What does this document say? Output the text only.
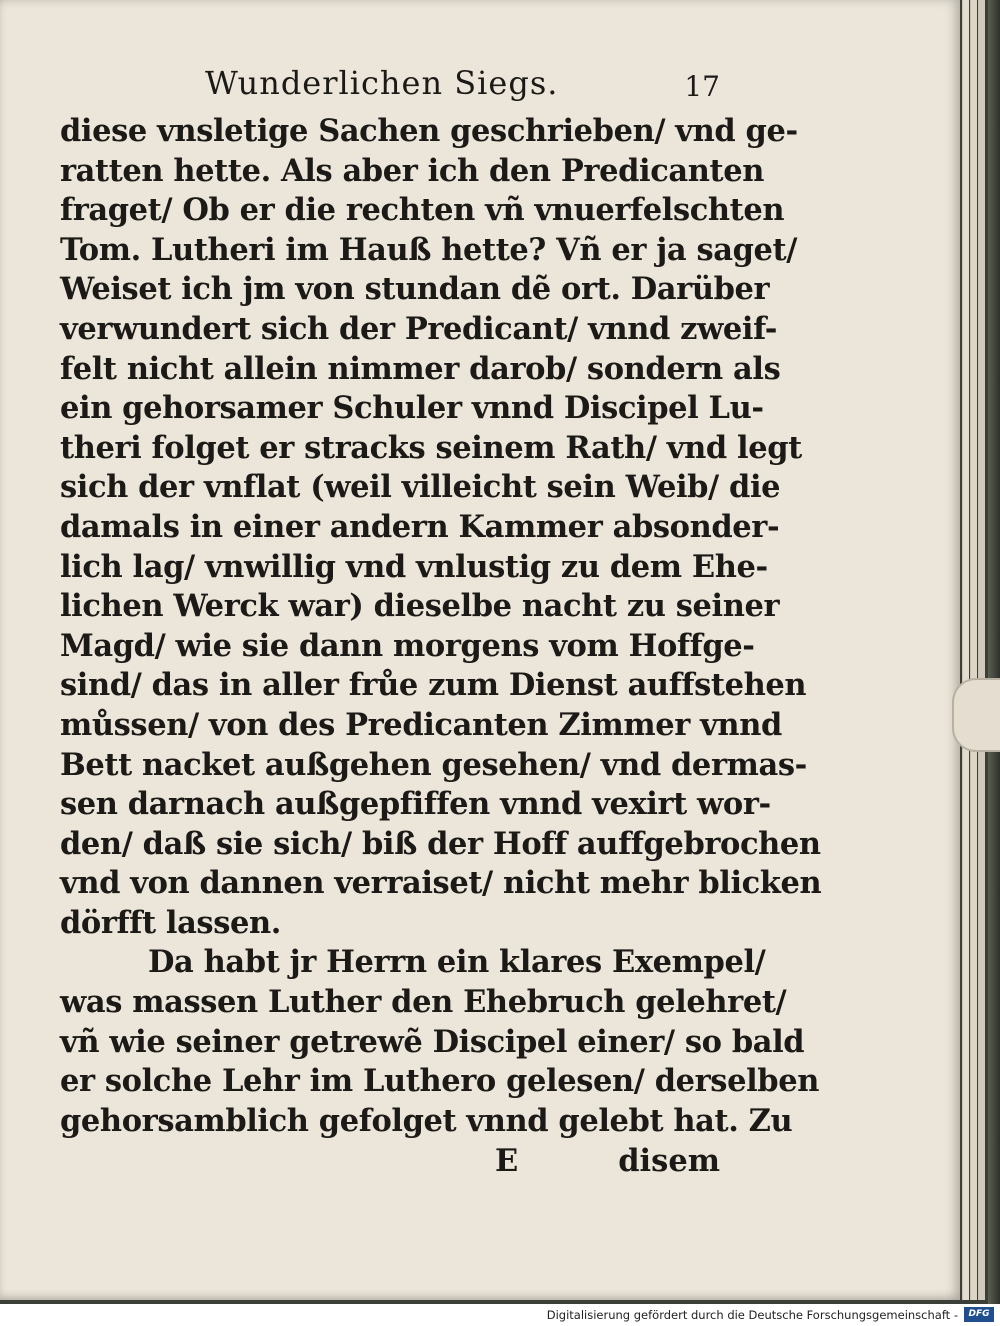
Wunderlichen Siegs.	17
diese vnsletige Sachen geschrieben/ vnd ge-
ratten hette. Als aber ich den Predicanten
fraget/ Ob er die rechten vñ vnuerfelschten
Tom. Lutheri im Hauß hette? Vñ er ja saget/
Weiset ich jm von stundan dẽ ort. Darüber
verwundert sich der Predicant/ vnnd zweif-
felt nicht allein nimmer darob/ sondern als
ein gehorsamer Schuler vnnd Discipel Lu-
theri folget er stracks seinem Rath/ vnd legt
sich der vnflat (weil villeicht sein Weib/ die
damals in einer andern Kammer absonder-
lich lag/ vnwillig vnd vnlustig zu dem Ehe-
lichen Werck war) dieselbe nacht zu seiner
Magd/ wie sie dann morgens vom Hoffge-
sind/ das in aller frůe zum Dienst auffstehen
můssen/ von des Predicanten Zimmer vnnd
Bett nacket außgehen gesehen/ vnd dermas-
sen darnach außgepfiffen vnnd vexirt wor-
den/ daß sie sich/ biß der Hoff auffgebrochen
vnd von dannen verraiset/ nicht mehr blicken
dörfft lassen.
Da habt jr Herrn ein klares Exempel/
was massen Luther den Ehebruch gelehret/
vñ wie seiner getrewẽ Discipel einer/ so bald
er solche Lehr im Luthero gelesen/ derselben
gehorsamblich gefolget vnnd gelebt hat. Zu
E	disem
Digitalisierung gefördert durch die Deutsche Forschungsgemeinschaft -	DFG
